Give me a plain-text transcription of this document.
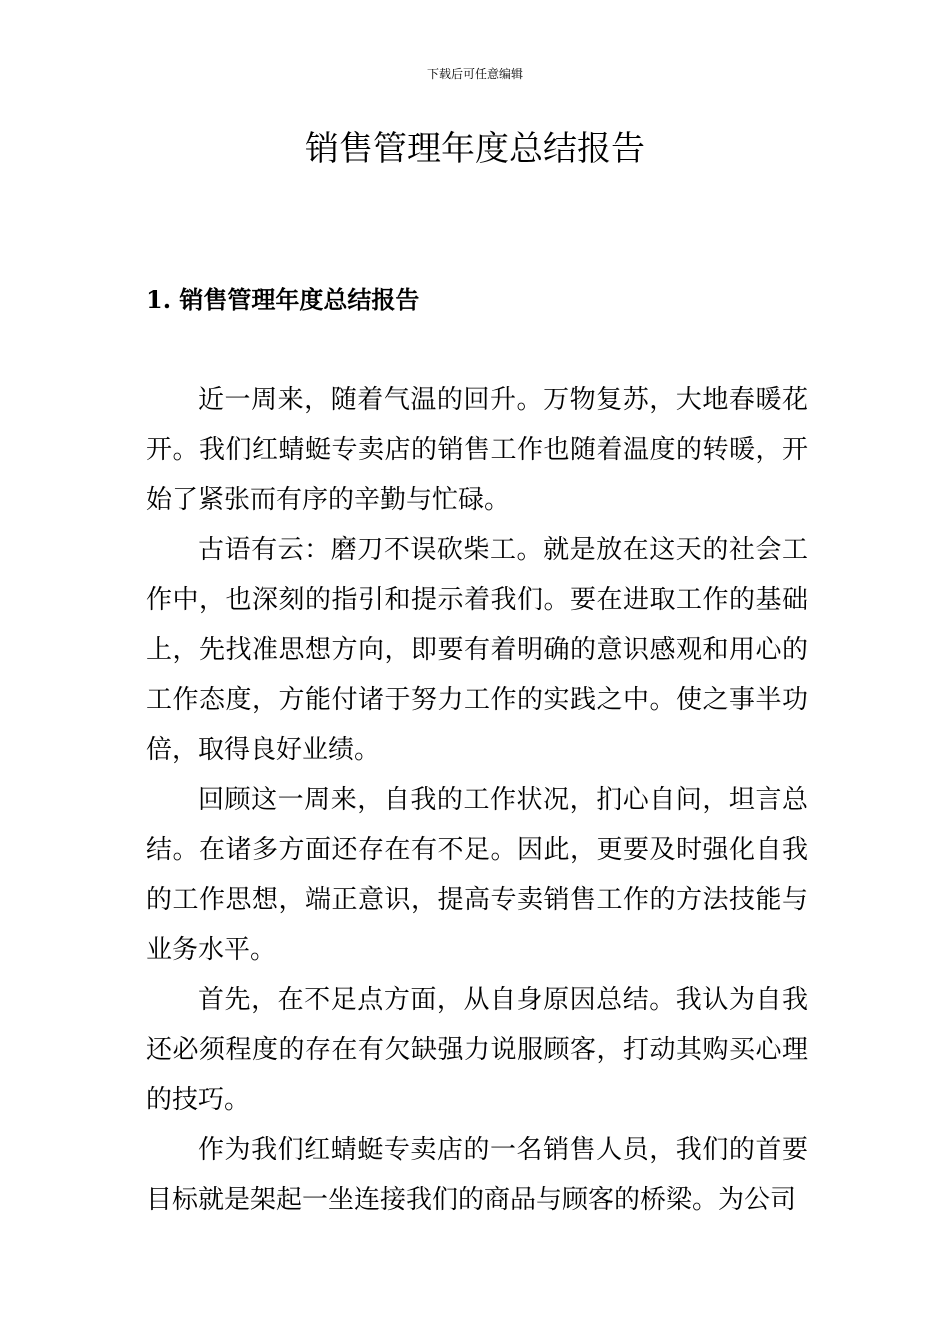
下载后可任意编辑
销售管理年度总结报告
1. 销售管理年度总结报告

近一周来，随着气温的回升。万物复苏，大地春暖花开。我们红蜻蜓专卖店的销售工作也随着温度的转暖，开始了紧张而有序的辛勤与忙碌。

古语有云：磨刀不误砍柴工。就是放在这天的社会工作中，也深刻的指引和提示着我们。要在进取工作的基础上，先找准思想方向，即要有着明确的意识感观和用心的工作态度，方能付诸于努力工作的实践之中。使之事半功倍，取得良好业绩。

回顾这一周来，自我的工作状况，扪心自问，坦言总结。在诸多方面还存在有不足。因此，更要及时强化自我的工作思想，端正意识，提高专卖销售工作的方法技能与业务水平。

首先，在不足点方面，从自身原因总结。我认为自我还必须程度的存在有欠缺强力说服顾客，打动其购买心理的技巧。

作为我们红蜻蜓专卖店的一名销售人员，我们的首要目标就是架起一坐连接我们的商品与顾客的桥梁。为公司
